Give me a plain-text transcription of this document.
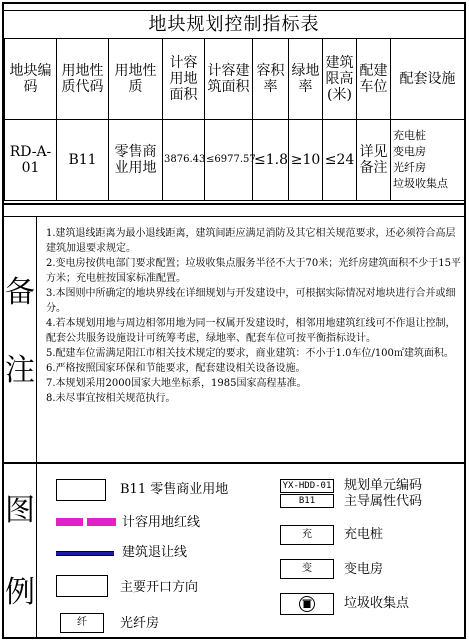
地块规划控制指标表
地块编码	用地性质代码	用地性质	计容用地面积	计容建筑面积	容积率	绿地率	建筑限高(米)	配建车位	配套设施
RD-A-01	B11	零售商业用地	3876.43	≤6977.57	≤1.8	≥10	≤24	详见备注	充电桩
变电房
光纤房
垃圾收集点
备
注

1.建筑退线距离为最小退线距离，建筑间距应满足消防及其它相关规范要求，还必须符合高层建筑加退要求规定。

2.变电房按供电部门要求配置；垃圾收集点服务半径不大于70米；光纤房建筑面积不少于15平方米；充电桩按国家标准配置。

3.本图则中所确定的地块界线在详细规划与开发建设中，可根据实际情况对地块进行合并或细分。

4.若本规划用地与周边相邻用地为同一权属开发建设时，相邻用地建筑红线可不作退让控制，配套公共服务设施设计可统筹考虑，绿地率、配套车位可按平衡指标设计。

5.配建车位需满足阳江市相关技术规定的要求，商业建筑：不小于1.0车位/100㎡建筑面积。

6.严格按照国家环保和节能要求，配套建设相关设备设施。

7.本规划采用2000国家大地坐标系，1985国家高程基准。

8.未尽事宜按相关规范执行。

图
例
B11 零售商业用地
计容用地红线
建筑退让线
主要开口方向
纤	光纤房
YX-HDD-01
B11
规划单元编码
主导属性代码
充	充电桩
变	变电房
垃圾收集点
